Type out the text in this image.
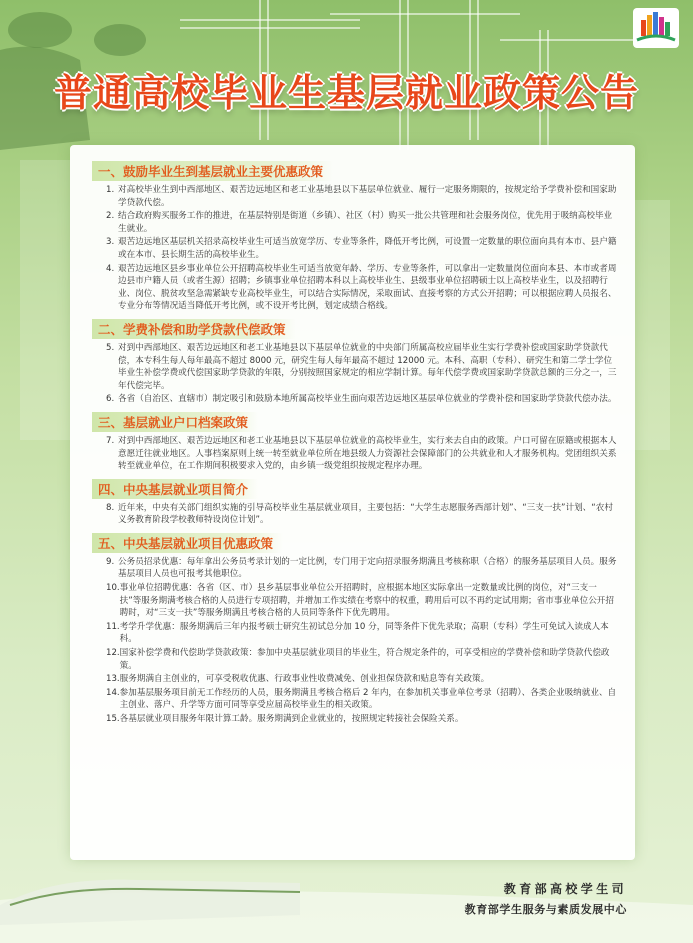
普通高校毕业生基层就业政策公告
一、鼓励毕业生到基层就业主要优惠政策
1. 对高校毕业生到中西部地区、艰苦边远地区和老工业基地县以下基层单位就业、履行一定服务期限的，按规定给予学费补偿和国家助学贷款代偿。
2. 结合政府购买服务工作的推进，在基层特别是街道（乡镇）、社区（村）购买一批公共管理和社会服务岗位，优先用于吸纳高校毕业生就业。
3. 艰苦边远地区基层机关招录高校毕业生可适当放宽学历、专业等条件，降低开考比例，可设置一定数量的职位面向具有本市、县户籍或在本市、县长期生活的高校毕业生。
4. 艰苦边远地区县乡事业单位公开招聘高校毕业生可适当放宽年龄、学历、专业等条件，可以拿出一定数量岗位面向本县、本市或者周边县市户籍人员（或者生源）招聘；乡镇事业单位招聘本科以上高校毕业生、县级事业单位招聘硕士以上高校毕业生，以及招聘行业、岗位、脱贫攻坚急需紧缺专业高校毕业生，可以结合实际情况，采取面试、直接考察的方式公开招聘；可以根据应聘人员报名、专业分布等情况适当降低开考比例，或不设开考比例，划定成绩合格线。
二、学费补偿和助学贷款代偿政策
5. 对到中西部地区、艰苦边远地区和老工业基地县以下基层单位就业的中央部门所属高校应届毕业生实行学费补偿或国家助学贷款代偿，本专科生每人每年最高不超过 8000 元，研究生每人每年最高不超过 12000 元。本科、高职（专科）、研究生和第二学士学位毕业生补偿学费或代偿国家助学贷款的年限，分别按照国家规定的相应学制计算。每年代偿学费或国家助学贷款总额的三分之一，三年代偿完毕。
6. 各省（自治区、直辖市）制定吸引和鼓励本地所属高校毕业生面向艰苦边远地区基层单位就业的学费补偿和国家助学贷款代偿办法。
三、基层就业户口档案政策
7. 对到中西部地区、艰苦边远地区和老工业基地县以下基层单位就业的高校毕业生，实行来去自由的政策。户口可留在原籍或根据本人意愿迁往就业地区。人事档案原则上统一转至就业单位所在地县级人力资源社会保障部门的公共就业和人才服务机构。党团组织关系转至就业单位，在工作期间积极要求入党的，由乡镇一级党组织按规定程序办理。
四、中央基层就业项目简介
8. 近年来，中央有关部门组织实施的引导高校毕业生基层就业项目，主要包括：“大学生志愿服务西部计划”、“三支一扶”计划、“农村义务教育阶段学校教师特设岗位计划”。
五、中央基层就业项目优惠政策
9. 公务员招录优惠：每年拿出公务员考录计划的一定比例，专门用于定向招录服务期满且考核称职（合格）的服务基层项目人员。服务基层项目人员也可报考其他职位。
10. 事业单位招聘优惠：各省（区、市）县乡基层事业单位公开招聘时，应根据本地区实际拿出一定数量或比例的岗位，对“三支一扶”等服务期满考核合格的人员进行专项招聘，并增加工作实绩在考察中的权重，聘用后可以不再约定试用期；省市事业单位公开招聘时，对“三支一扶”等服务期满且考核合格的人员同等条件下优先聘用。
11. 考学升学优惠：服务期满后三年内报考硕士研究生初试总分加 10 分，同等条件下优先录取；高职（专科）学生可免试入读成人本科。
12. 国家补偿学费和代偿助学贷款政策：参加中央基层就业项目的毕业生，符合规定条件的，可享受相应的学费补偿和助学贷款代偿政策。
13. 服务期满自主创业的，可享受税收优惠、行政事业性收费减免、创业担保贷款和贴息等有关政策。
14. 参加基层服务项目前无工作经历的人员，服务期满且考核合格后 2 年内，在参加机关事业单位考录（招聘）、各类企业吸纳就业、自主创业、落户、升学等方面可同等享受应届高校毕业生的相关政策。
15. 各基层就业项目服务年限计算工龄。服务期满到企业就业的，按照规定转接社会保险关系。
教育部高校学生司
教育部学生服务与素质发展中心
